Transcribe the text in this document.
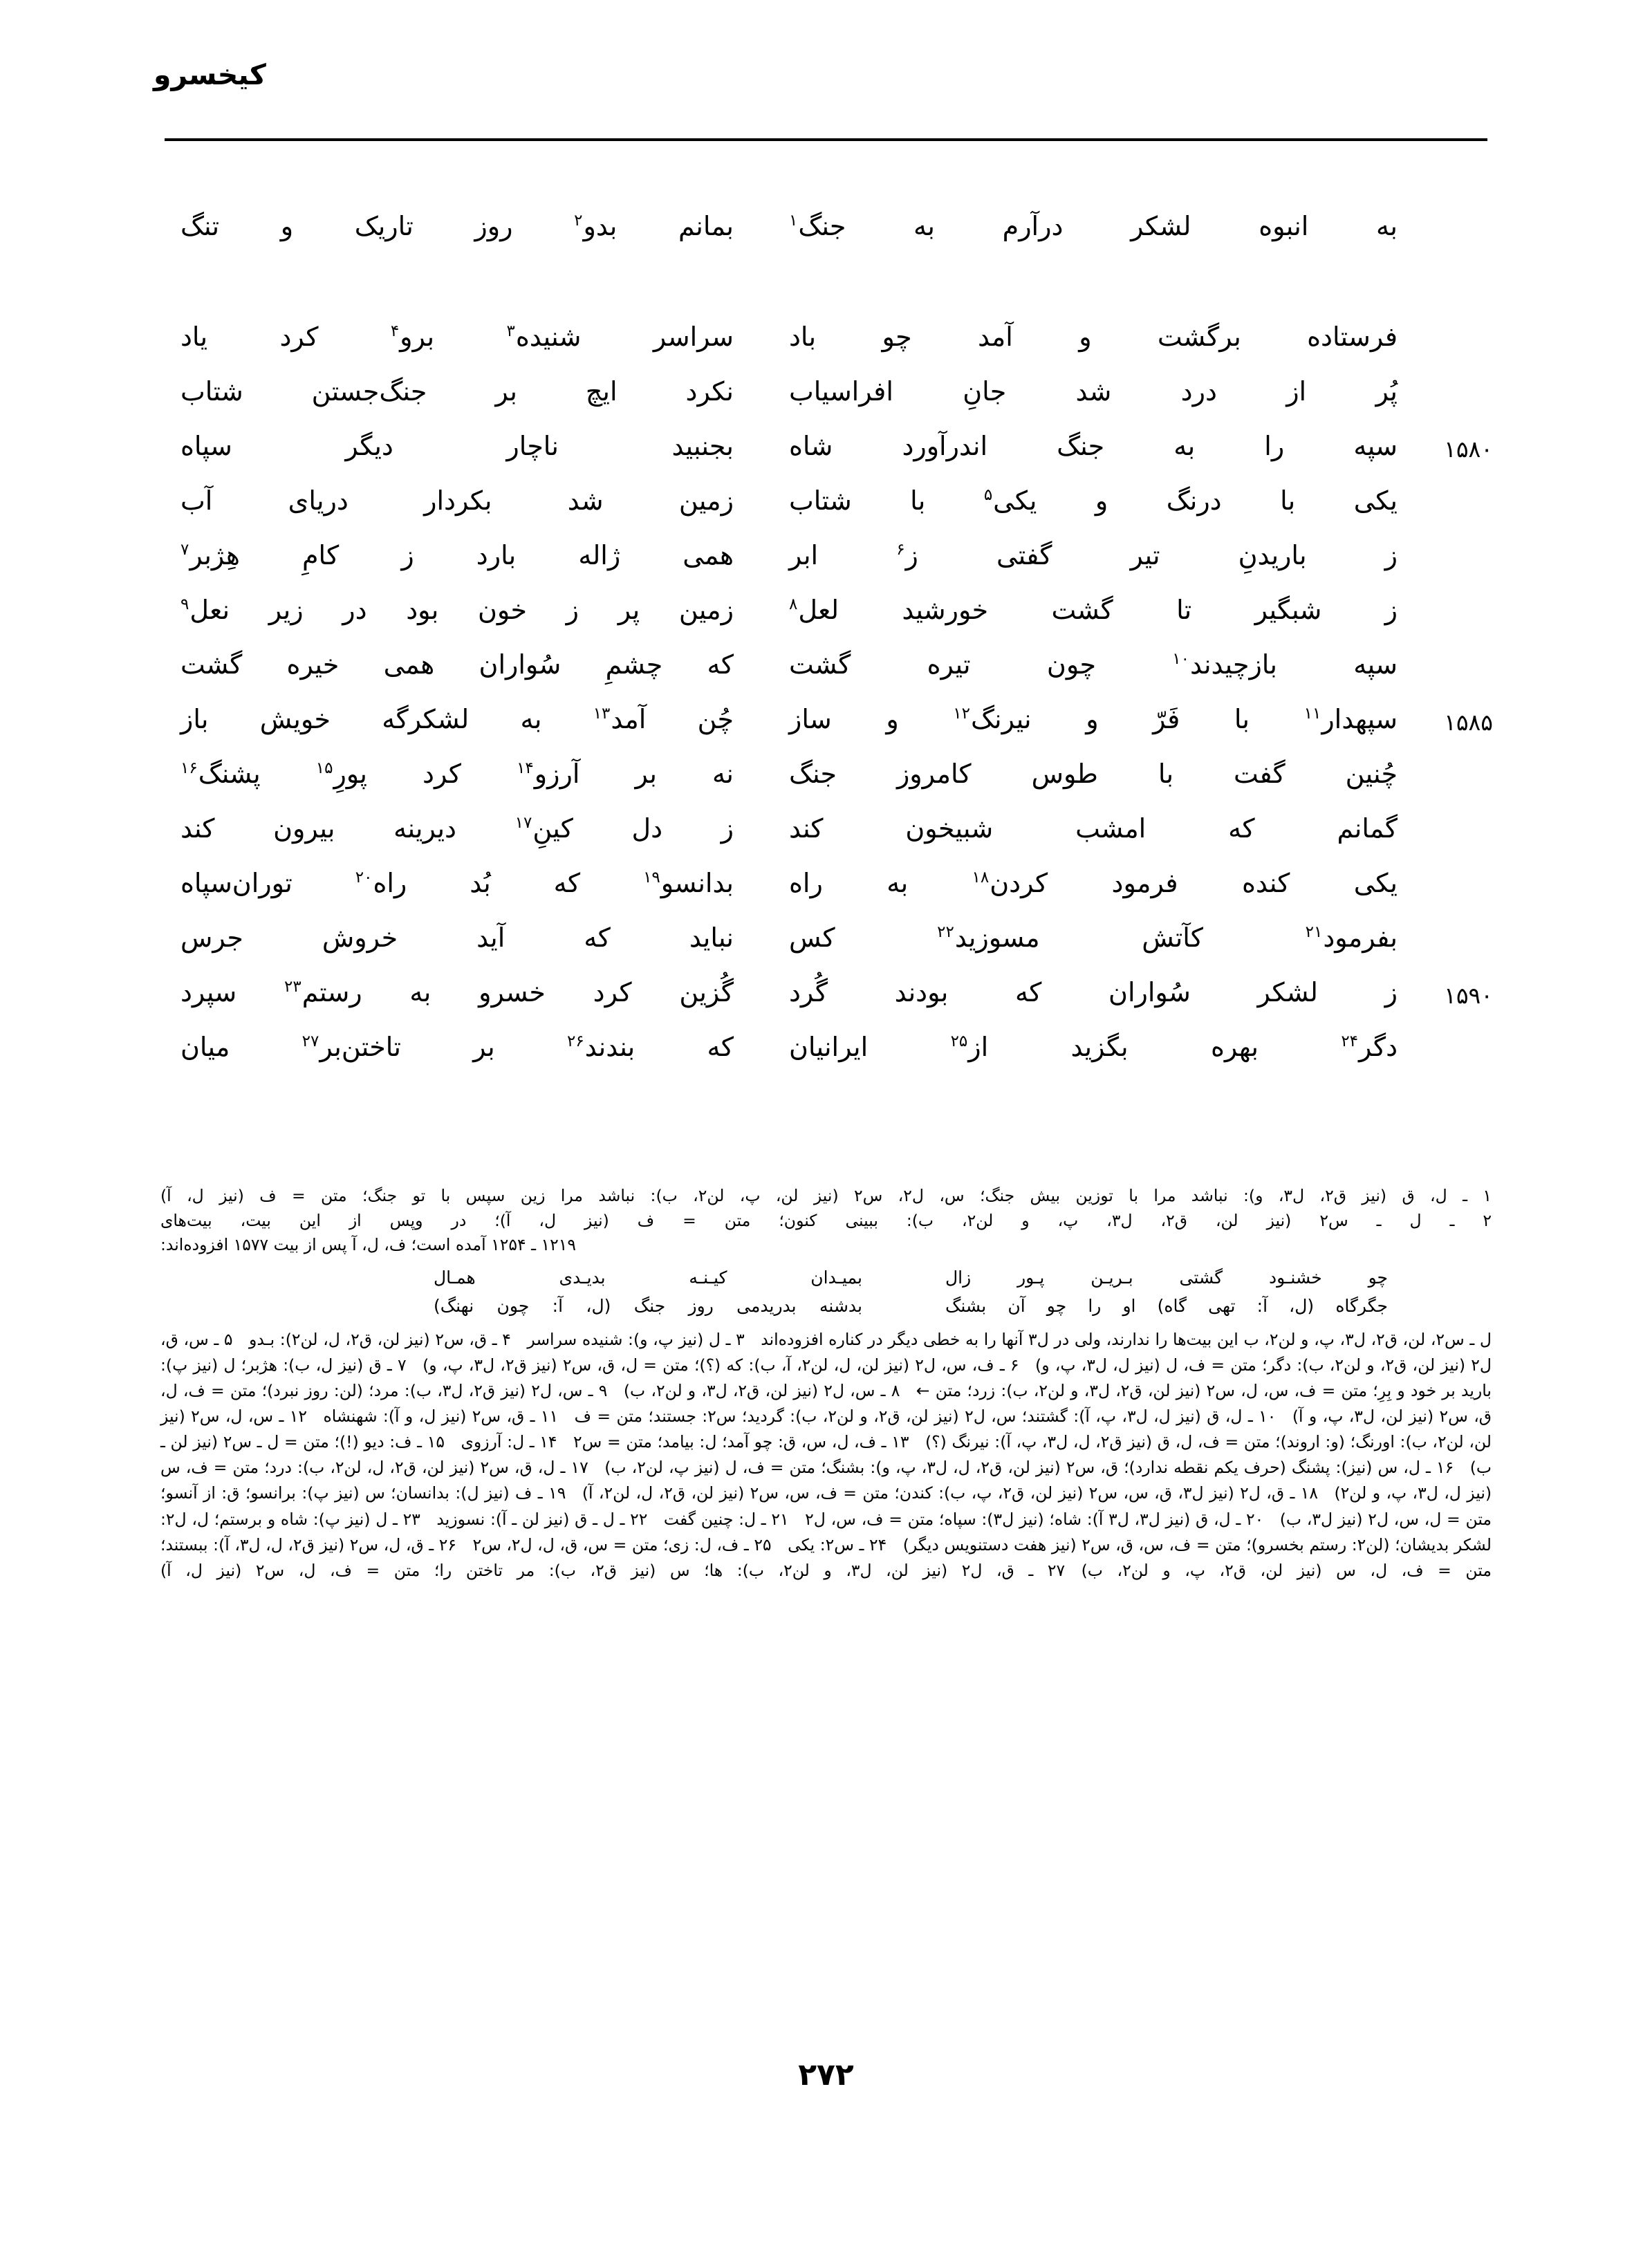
کیخسرو
به انبوه لشکر درآرم به جنگ$^۱$
بمانم بدو$^۲$ روز تاریک و تنگ
فرستاده برگشت و آمد چو باد
سراسر شنیده$^۳$ برو$^۴$ کرد یاد
پُر از درد شد جانِ افراسیاب
نکرد ایچ بر جنگ‌جستن شتاب
۱۵۸۰
سپه را به جنگ اندرآورد شاه
بجنبید ناچار دیگر سپاه
یکی با درنگ و یکی$^۵$ با شتاب
زمین شد بکردار دریای آب
ز باریدنِ تیر گفتی ز$^۶$ ابر
همی ژاله بارد ز کامِ هِژبر$^۷$
ز شبگیر تا گشت خورشید لعل$^۸$
زمین پر ز خون بود در زیر نعل$^۹$
سپه بازچیدند$^{۱۰}$ چون تیره گشت
که چشمِ سُواران همی خیره گشت
۱۵۸۵
سپهدار$^{۱۱}$ با فَرّ و نیرنگ$^{۱۲}$ و ساز
چُن آمد$^{۱۳}$ به لشکرگه خویش باز
چُنین گفت با طوس کامروز جنگ
نه بر آرزو$^{۱۴}$ کرد پورِ$^{۱۵}$ پشنگ$^{۱۶}$
گمانم که امشب شبیخون کند
ز دل کینِ$^{۱۷}$ دیرینه بیرون کند
یکی کنده فرمود کردن$^{۱۸}$ به راه
بدانسو$^{۱۹}$ که بُد راه$^{۲۰}$ توران‌سپاه
بفرمود$^{۲۱}$ کآتش مسوزید$^{۲۲}$ کس
نباید که آید خروش جرس
۱۵۹۰
ز لشکر سُواران که بودند گُرد
گُزین کرد خسرو به رستم$^{۲۳}$ سپرد
دگر$^{۲۴}$ بهره بگزید از$^{۲۵}$ ایرانیان
که بندند$^{۲۶}$ بر تاختن‌بر$^{۲۷}$ میان
۱ ـ ل، ق (نیز ق٢، ل٣، و): نباشد مرا با توزین بیش جنگ؛ س، ل٢، س٢ (نیز لن، پ، لن٢، ب): نباشد مرا زین سپس با تو جنگ؛ متن = ف (نیز ل، آ)
۲ ـ ل ـ س٢ (نیز لن، ق٢، ل٣، پ، و لن٢، ب): ببینی کنون؛ متن = ف (نیز ل، آ)؛ در وپس از این بیت، بیت‌های
۱۲۱۹ ـ ۱۲۵۴ آمده است؛ ف، ل، آ پس از بیت ۱۵۷۷ افزوده‌اند:
چو خشنـود گشتی بـریـن پـور زال
بمیـدان کیـنـه بدیـدی همـال
جگرگاه (ل، آ: تهی گاه) او را چو آن بشنگ
بدشنه بدریدمی روز جنگ (ل، آ: چون نهنگ)
ل ـ س٢، لن، ق٢، ل٣، پ، و لن٢، ب این بیت‌ها را ندارند، ولی در ل٣ آنها را به خطی دیگر در کناره افزوده‌اند ۳ ـ ل (نیز پ، و): شنیده سراسر ۴ ـ ق، س٢ (نیز لن، ق٢، ل، لن٢): بـدو ۵ ـ س، ق، ل٢ (نیز لن، ق٢، و لن٢، ب): دگر؛ متن = ف، ل (نیز ل، ل٣، پ، و) ۶ ـ ف، س، ل٢ (نیز لن، ل، لن٢، آ، ب): که (؟)؛ متن = ل، ق، س٢ (نیز ق٢، ل٣، پ، و) ۷ ـ ق (نیز ل، ب): هژبر؛ ل (نیز پ): بارید بر خود و بِرِ؛ متن = ف، س، ل، س٢ (نیز لن، ق٢، ل٣، و لن٢، ب): زرد؛ متن ← ۸ ـ س، ل٢ (نیز لن، ق٢، ل٣، و لن٢، ب) ۹ ـ س، ل٢ (نیز ق٢، ل٣، ب): مرد؛ (لن: روز نبرد)؛ متن = ف، ل، ق، س٢ (نیز لن، ل٣، پ، و آ) ۱۰ ـ ل، ق (نیز ل، ل٣، پ، آ): گشتند؛ س، ل٢ (نیز لن، ق٢، و لن٢، ب): گردید؛ س٢: جستند؛ متن = ف ۱۱ ـ ق، س٢ (نیز ل، و آ): شهنشاه ۱۲ ـ س، ل، س٢ (نیز لن، لن٢، ب): اورنگ؛ (و: اروند)؛ متن = ف، ل، ق (نیز ق٢، ل، ل٣، پ، آ): نیرنگ (؟) ۱۳ ـ ف، ل، س، ق: چو آمد؛ ل: بیامد؛ متن = س٢ ۱۴ ـ ل: آرزوی ۱۵ ـ ف: دیو (!)؛ متن = ل ـ س٢ (نیز لن ـ ب) ۱۶ ـ ل، س (نیز): پشنگ (حرف یکم نقطه ندارد)؛ ق، س٢ (نیز لن، ق٢، ل، ل٣، پ، و): بشنگ؛ متن = ف، ل (نیز پ، لن٢، ب) ۱۷ ـ ل، ق، س٢ (نیز لن، ق٢، ل، لن٢، ب): درد؛ متن = ف، س (نیز ل، ل٣، پ، و لن٢) ۱۸ ـ ق، ل٢ (نیز ل٣، ق، س، س٢ (نیز لن، ق٢، پ، ب): کندن؛ متن = ف، س، س٢ (نیز لن، ق٢، ل، لن٢، آ) ۱۹ ـ ف (نیز ل): بدانسان؛ س (نیز پ): برانسو؛ ق: از آنسو؛ متن = ل، س، ل٢ (نیز ل٣، ب) ۲۰ ـ ل، ق (نیز ل٣، ل٣ آ): شاه؛ (نیز ل٣): سپاه؛ متن = ف، س، ل٢ ۲۱ ـ ل: چنین گفت ۲۲ ـ ل ـ ق (نیز لن ـ آ): نسوزید ۲۳ ـ ل (نیز پ): شاه و برستم؛ ل، ل٢: لشکر بدیشان؛ (لن٢: رستم بخسرو)؛ متن = ف، س، ق، س٢ (نیز هفت دستنویس دیگر) ۲۴ ـ س٢: یکی ۲۵ ـ ف، ل: زی؛ متن = س، ق، ل، ل٢، س٢ ۲۶ ـ ق، ل، س٢ (نیز ق٢، ل، ل٣، آ): ببستند؛ متن = ف، ل، س (نیز لن، ق٢، پ، و لن٢، ب) ۲۷ ـ ق، ل٢ (نیز لن، ل٣، و لن٢، ب): ها؛ س (نیز ق٢، ب): مر تاختن را؛ متن = ف، ل، س٢ (نیز ل، آ)
۲۷۲
